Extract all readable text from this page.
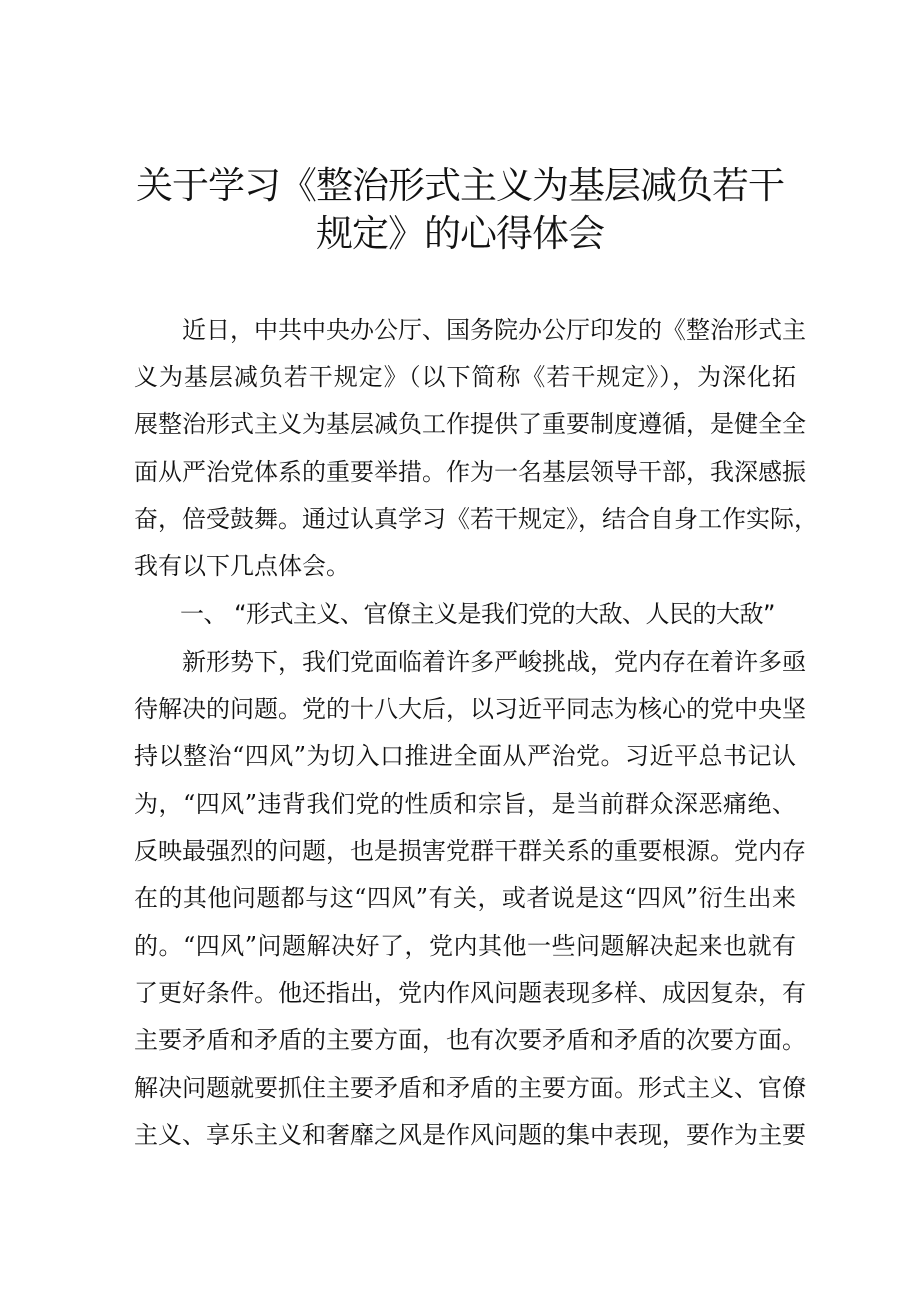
关于学习《整治形式主义为基层减负若干
规定》的心得体会
近日，中共中央办公厅、国务院办公厅印发的《整治形式主
义为基层减负若干规定》（以下简称《若干规定》），为深化拓
展整治形式主义为基层减负工作提供了重要制度遵循，是健全全
面从严治党体系的重要举措。作为一名基层领导干部，我深感振
奋，倍受鼓舞。通过认真学习《若干规定》，结合自身工作实际，
我有以下几点体会。
一、 “形式主义、官僚主义是我们党的大敌、人民的大敌”
新形势下，我们党面临着许多严峻挑战，党内存在着许多亟
待解决的问题。党的十八大后，以习近平同志为核心的党中央坚
持以整治“四风”为切入口推进全面从严治党。习近平总书记认
为，“四风”违背我们党的性质和宗旨，是当前群众深恶痛绝、
反映最强烈的问题，也是损害党群干群关系的重要根源。党内存
在的其他问题都与这“四风”有关，或者说是这“四风”衍生出来
的。“四风”问题解决好了，党内其他一些问题解决起来也就有
了更好条件。他还指出，党内作风问题表现多样、成因复杂，有
主要矛盾和矛盾的主要方面，也有次要矛盾和矛盾的次要方面。
解决问题就要抓住主要矛盾和矛盾的主要方面。形式主义、官僚
主义、享乐主义和奢靡之风是作风问题的集中表现，要作为主要
